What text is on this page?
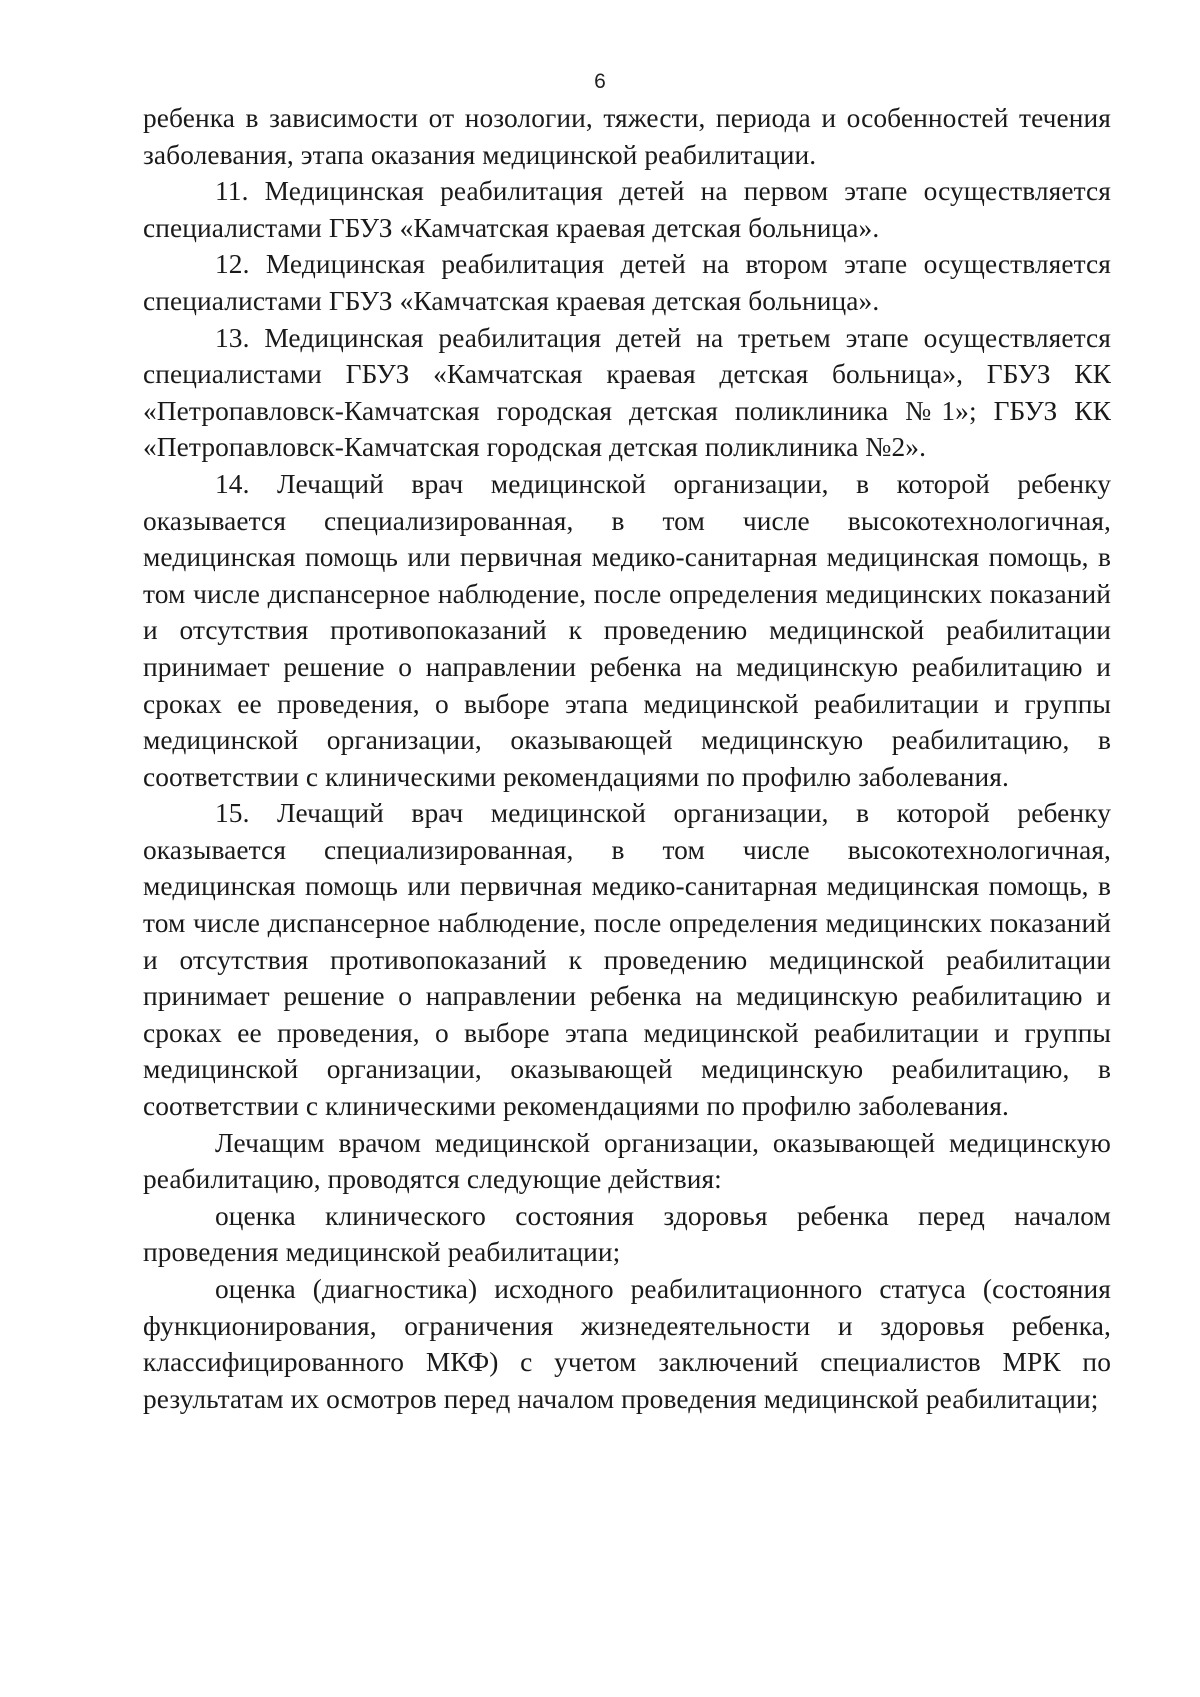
6

ребенка в зависимости от нозологии, тяжести, периода и особенностей течения заболевания, этапа оказания медицинской реабилитации.

11. Медицинская реабилитация детей на первом этапе осуществляется специалистами ГБУЗ «Камчатская краевая детская больница».

12. Медицинская реабилитация детей на втором этапе осуществляется специалистами ГБУЗ «Камчатская краевая детская больница».

13. Медицинская реабилитация детей на третьем этапе осуществляется специалистами ГБУЗ «Камчатская краевая детская больница», ГБУЗ КК «Петропавловск-Камчатская городская детская поликлиника №1»; ГБУЗ КК «Петропавловск-Камчатская городская детская поликлиника №2».

14. Лечащий врач медицинской организации, в которой ребенку оказывается специализированная, в том числе высокотехнологичная, медицинская помощь или первичная медико-санитарная медицинская помощь, в том числе диспансерное наблюдение, после определения медицинских показаний и отсутствия противопоказаний к проведению медицинской реабилитации принимает решение о направлении ребенка на медицинскую реабилитацию и сроках ее проведения, о выборе этапа медицинской реабилитации и группы медицинской организации, оказывающей медицинскую реабилитацию, в соответствии с клиническими рекомендациями по профилю заболевания.

15. Лечащий врач медицинской организации, в которой ребенку оказывается специализированная, в том числе высокотехнологичная, медицинская помощь или первичная медико-санитарная медицинская помощь, в том числе диспансерное наблюдение, после определения медицинских показаний и отсутствия противопоказаний к проведению медицинской реабилитации принимает решение о направлении ребенка на медицинскую реабилитацию и сроках ее проведения, о выборе этапа медицинской реабилитации и группы медицинской организации, оказывающей медицинскую реабилитацию, в соответствии с клиническими рекомендациями по профилю заболевания.

Лечащим врачом медицинской организации, оказывающей медицинскую реабилитацию, проводятся следующие действия:

оценка клинического состояния здоровья ребенка перед началом проведения медицинской реабилитации;

оценка (диагностика) исходного реабилитационного статуса (состояния функционирования, ограничения жизнедеятельности и здоровья ребенка, классифицированного МКФ) с учетом заключений специалистов МРК по результатам их осмотров перед началом проведения медицинской реабилитации;
